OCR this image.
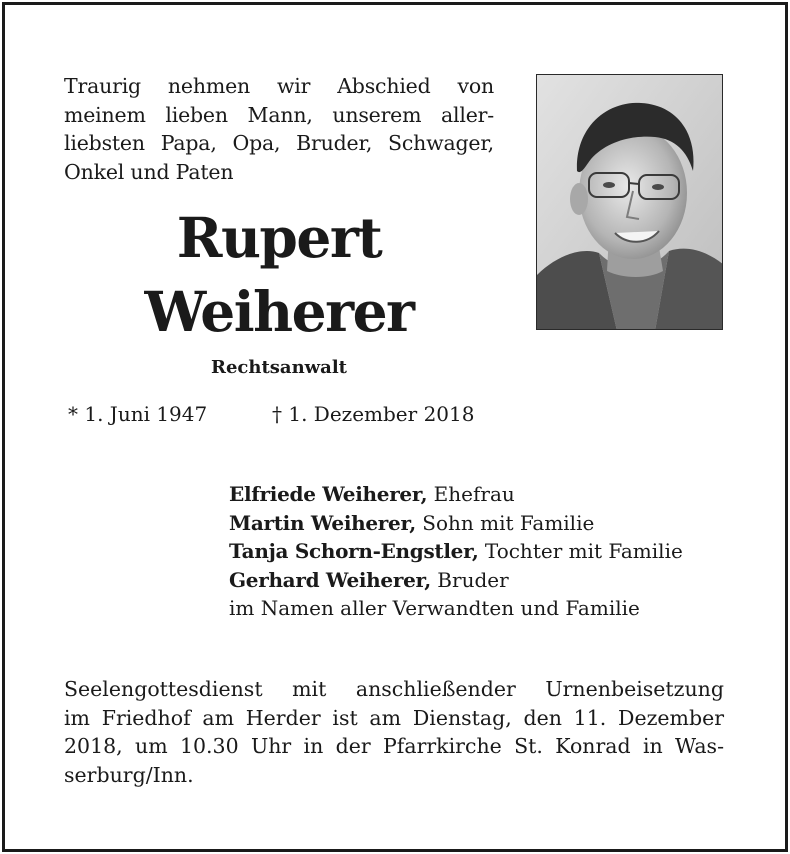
Traurig nehmen wir Abschied von
meinem lieben Mann, unserem aller-
liebsten Papa, Opa, Bruder, Schwager,
Onkel und Paten
Rupert
Weiherer
Rechtsanwalt
* 1. Juni 1947	† 1. Dezember 2018
Elfriede Weiherer, Ehefrau
Martin Weiherer, Sohn mit Familie
Tanja Schorn-Engstler, Tochter mit Familie
Gerhard Weiherer, Bruder
im Namen aller Verwandten und Familie
Seelengottesdienst mit anschließender Urnenbeisetzung
im Friedhof am Herder ist am Dienstag, den 11. Dezember
2018, um 10.30 Uhr in der Pfarrkirche St. Konrad in Was-
serburg/Inn.
